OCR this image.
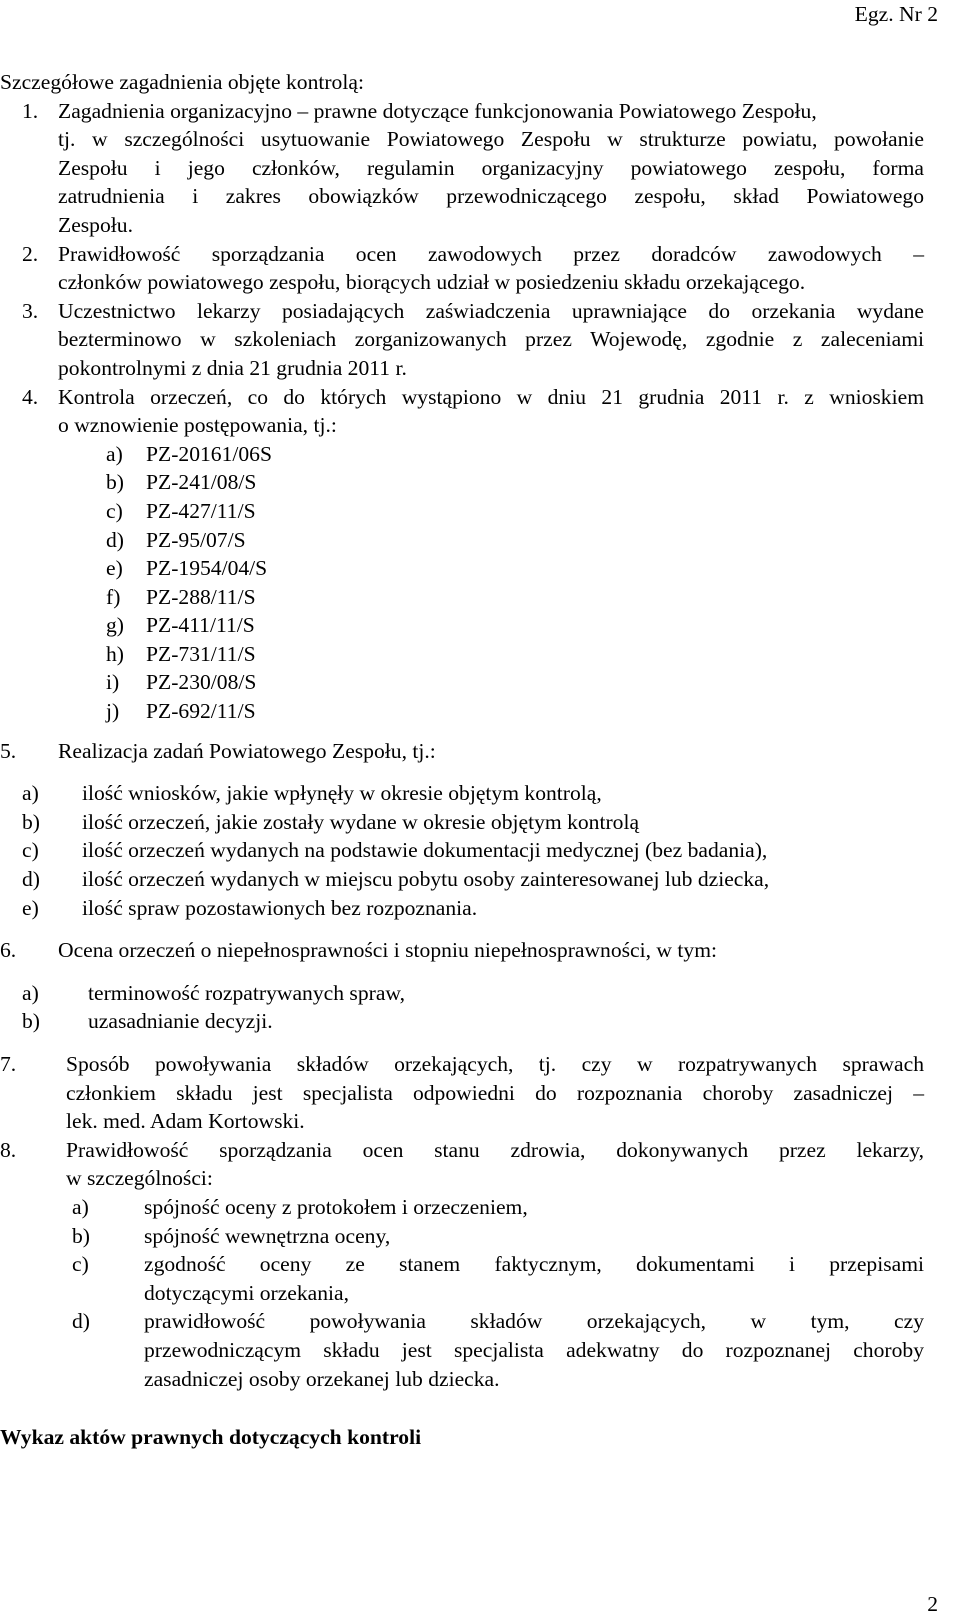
Egz. Nr 2

Szczegółowe zagadnienia objęte kontrolą:

1. Zagadnienia organizacyjno – prawne dotyczące funkcjonowania Powiatowego Zespołu,

tj. w szczególności usytuowanie Powiatowego Zespołu w strukturze powiatu, powołanie

Zespołu i jego członków, regulamin organizacyjny powiatowego zespołu, forma

zatrudnienia i zakres obowiązków przewodniczącego zespołu, skład Powiatowego

Zespołu.

2. Prawidłowość sporządzania ocen zawodowych przez doradców zawodowych –

członków powiatowego zespołu, biorących udział w posiedzeniu składu orzekającego.

3. Uczestnictwo lekarzy posiadających zaświadczenia uprawniające do orzekania wydane

bezterminowo w szkoleniach zorganizowanych przez Wojewodę, zgodnie z zaleceniami

pokontrolnymi z dnia 21 grudnia 2011 r.

4. Kontrola orzeczeń, co do których wystąpiono w dniu 21 grudnia 2011 r. z wnioskiem

o wznowienie postępowania, tj.:

a)	PZ-20161/06S
b)	PZ-241/08/S
c)	PZ-427/11/S
d)	PZ-95/07/S
e)	PZ-1954/04/S
f)	PZ-288/11/S
g)	PZ-411/11/S
h)	PZ-731/11/S
i)	PZ-230/08/S
j)	PZ-692/11/S
5.	Realizacja zadań Powiatowego Zespołu, tj.:
a)	ilość wniosków, jakie wpłynęły w okresie objętym kontrolą,
b)	ilość orzeczeń, jakie zostały wydane w okresie objętym kontrolą
c)	ilość orzeczeń wydanych na podstawie dokumentacji medycznej (bez badania),
d)	ilość orzeczeń wydanych w miejscu pobytu osoby zainteresowanej lub dziecka,
e)	ilość spraw pozostawionych bez rozpoznania.
6.	Ocena orzeczeń o niepełnosprawności i stopniu niepełnosprawności, w tym:
a)	terminowość rozpatrywanych spraw,
b)	uzasadnianie decyzji.
7. Sposób powoływania składów orzekających, tj. czy w rozpatrywanych sprawach

członkiem składu jest specjalista odpowiedni do rozpoznania choroby zasadniczej –

lek. med. Adam Kortowski.

8. Prawidłowość sporządzania ocen stanu zdrowia, dokonywanych przez lekarzy,

w szczególności:

a)	spójność oceny z protokołem i orzeczeniem,

b)	spójność wewnętrzna oceny,

c)	zgodność oceny ze stanem faktycznym, dokumentami i przepisami

dotyczącymi orzekania,

d)	prawidłowość powoływania składów orzekających, w tym, czy

przewodniczącym składu jest specjalista adekwatny do rozpoznanej choroby

zasadniczej osoby orzekanej lub dziecka.

Wykaz aktów prawnych dotyczących kontroli

2
